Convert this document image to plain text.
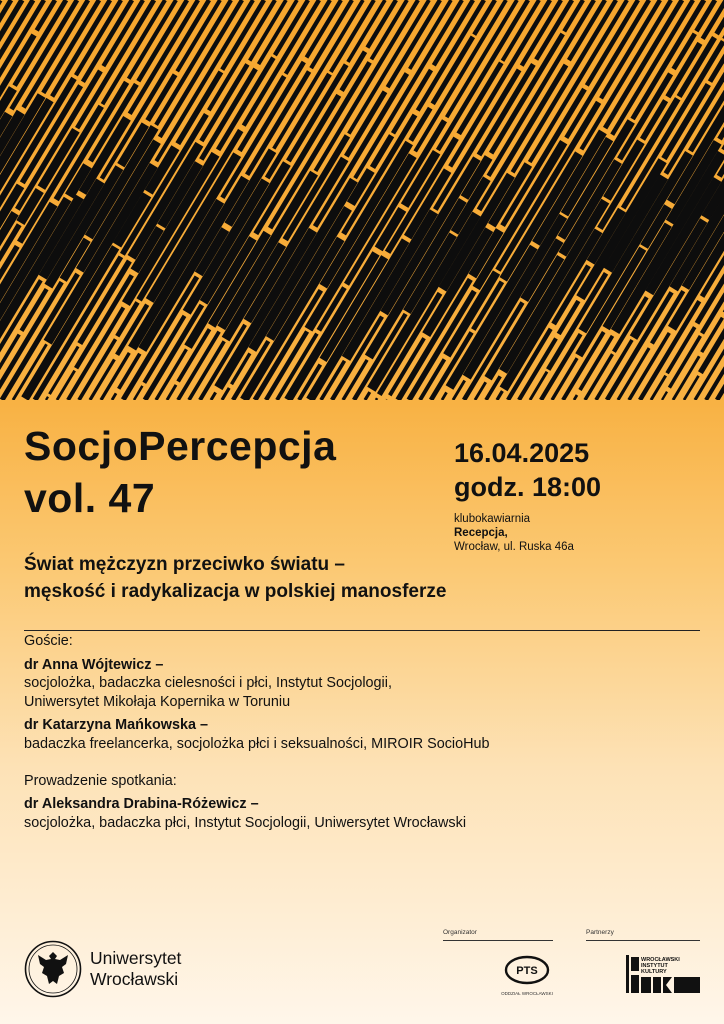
SocjoPercepcja
vol. 47
16.04.2025
godz. 18:00
klubokawiarnia
Recepcja,
Wrocław, ul. Ruska 46a
Świat mężczyzn przeciwko światu –
męskość i radykalizacja w polskiej manosferze
Goście:
dr Anna Wójtewicz –
socjolożka, badaczka cielesności i płci, Instytut Socjologii,
Uniwersytet Mikołaja Kopernika w Toruniu
dr Katarzyna Mańkowska –
badaczka freelancerka, socjolożka płci i seksualności, MIROIR SocioHub
Prowadzenie spotkania:
dr Aleksandra Drabina-Różewicz –
socjolożka, badaczka płci, Instytut Socjologii, Uniwersytet Wrocławski
Uniwersytet
Wrocławski
Organizator	Partnerzy
PTS
ODDZIAŁ WROCŁAWSKI
WROCŁAWSKI
INSTYTUT
KULTURY
